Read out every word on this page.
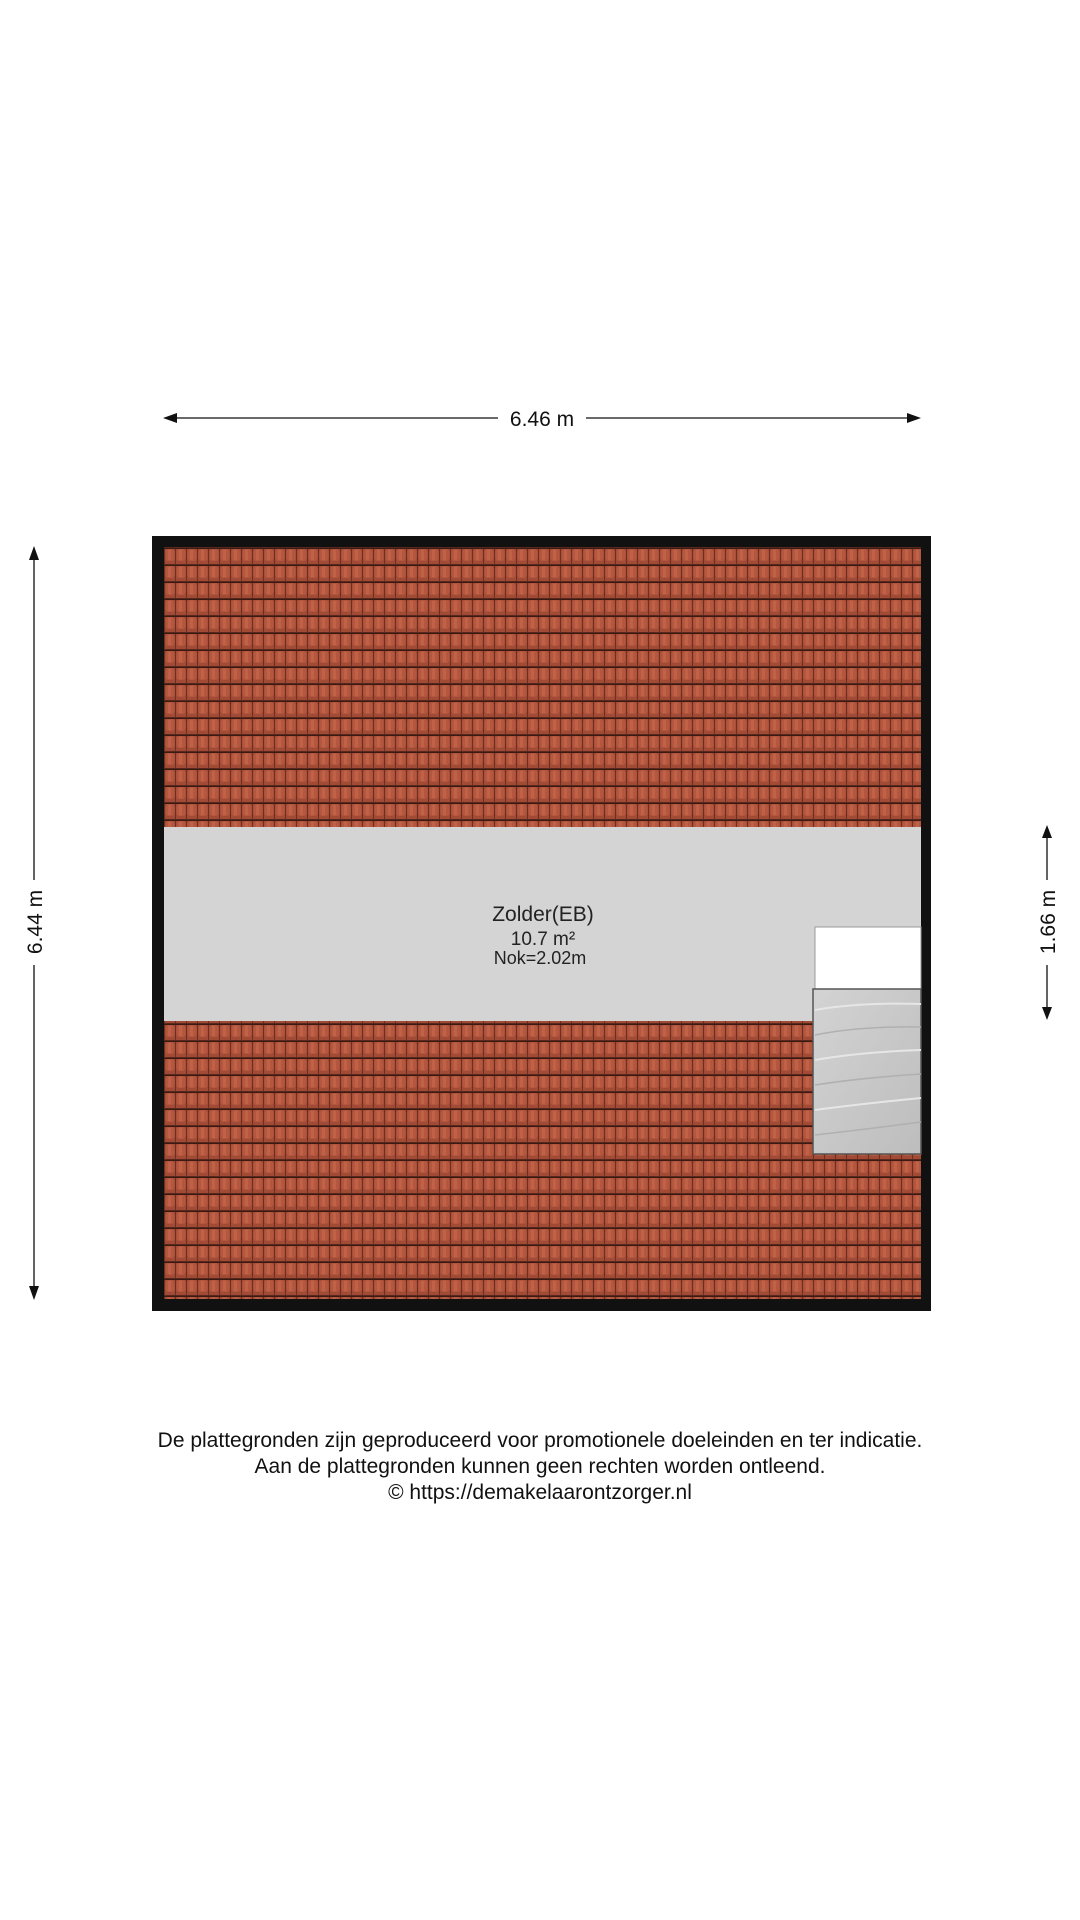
Zolder(EB)
10.7 m²
Nok=2.02m
6.46 m
6.44 m	1.66 m
De plattegronden zijn geproduceerd voor promotionele doeleinden en ter indicatie.
Aan de plattegronden kunnen geen rechten worden ontleend.
© https://demakelaarontzorger.nl
